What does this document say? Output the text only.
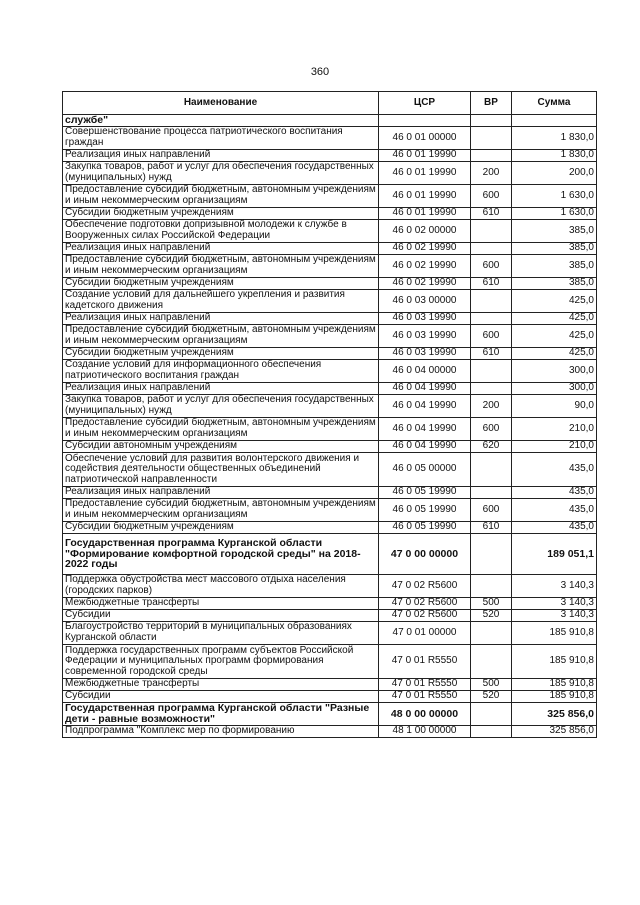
360
Наименование	ЦСР	ВР	Сумма
службе"			
Совершенствование процесса патриотического воспитания граждан	46 0 01 00000		1 830,0
Реализация иных направлений	46 0 01 19990		1 830,0
Закупка товаров, работ и услуг для обеспечения государственных (муниципальных) нужд	46 0 01 19990	200	200,0
Предоставление субсидий бюджетным, автономным учреждениям и иным некоммерческим организациям	46 0 01 19990	600	1 630,0
Субсидии бюджетным учреждениям	46 0 01 19990	610	1 630,0
Обеспечение подготовки допризывной молодежи к службе в Вооруженных силах Российской Федерации	46 0 02 00000		385,0
Реализация иных направлений	46 0 02 19990		385,0
Предоставление субсидий бюджетным, автономным учреждениям и иным некоммерческим организациям	46 0 02 19990	600	385,0
Субсидии бюджетным учреждениям	46 0 02 19990	610	385,0
Создание условий для дальнейшего укрепления и развития кадетского движения	46 0 03 00000		425,0
Реализация иных направлений	46 0 03 19990		425,0
Предоставление субсидий бюджетным, автономным учреждениям и иным некоммерческим организациям	46 0 03 19990	600	425,0
Субсидии бюджетным учреждениям	46 0 03 19990	610	425,0
Создание условий для информационного обеспечения патриотического воспитания граждан	46 0 04 00000		300,0
Реализация иных направлений	46 0 04 19990		300,0
Закупка товаров, работ и услуг для обеспечения государственных (муниципальных) нужд	46 0 04 19990	200	90,0
Предоставление субсидий бюджетным, автономным учреждениям и иным некоммерческим организациям	46 0 04 19990	600	210,0
Субсидии автономным учреждениям	46 0 04 19990	620	210,0
Обеспечение условий для развития волонтерского движения и содействия деятельности общественных объединений патриотической направленности	46 0 05 00000		435,0
Реализация иных направлений	46 0 05 19990		435,0
Предоставление субсидий бюджетным, автономным учреждениям и иным некоммерческим организациям	46 0 05 19990	600	435,0
Субсидии бюджетным учреждениям	46 0 05 19990	610	435,0
Государственная программа Курганской области "Формирование комфортной городской среды" на 2018-2022 годы	47 0 00 00000		189 051,1
Поддержка обустройства мест массового отдыха населения (городских парков)	47 0 02 R5600		3 140,3
Межбюджетные трансферты	47 0 02 R5600	500	3 140,3
Субсидии	47 0 02 R5600	520	3 140,3
Благоустройство территорий в муниципальных образованиях Курганской области	47 0 01 00000		185 910,8
Поддержка государственных программ субъектов Российской Федерации и муниципальных программ формирования современной городской среды	47 0 01 R5550		185 910,8
Межбюджетные трансферты	47 0 01 R5550	500	185 910,8
Субсидии	47 0 01 R5550	520	185 910,8
Государственная программа Курганской области "Разные дети - равные возможности"	48 0 00 00000		325 856,0
Подпрограмма "Комплекс мер по формированию	48 1 00 00000		325 856,0
